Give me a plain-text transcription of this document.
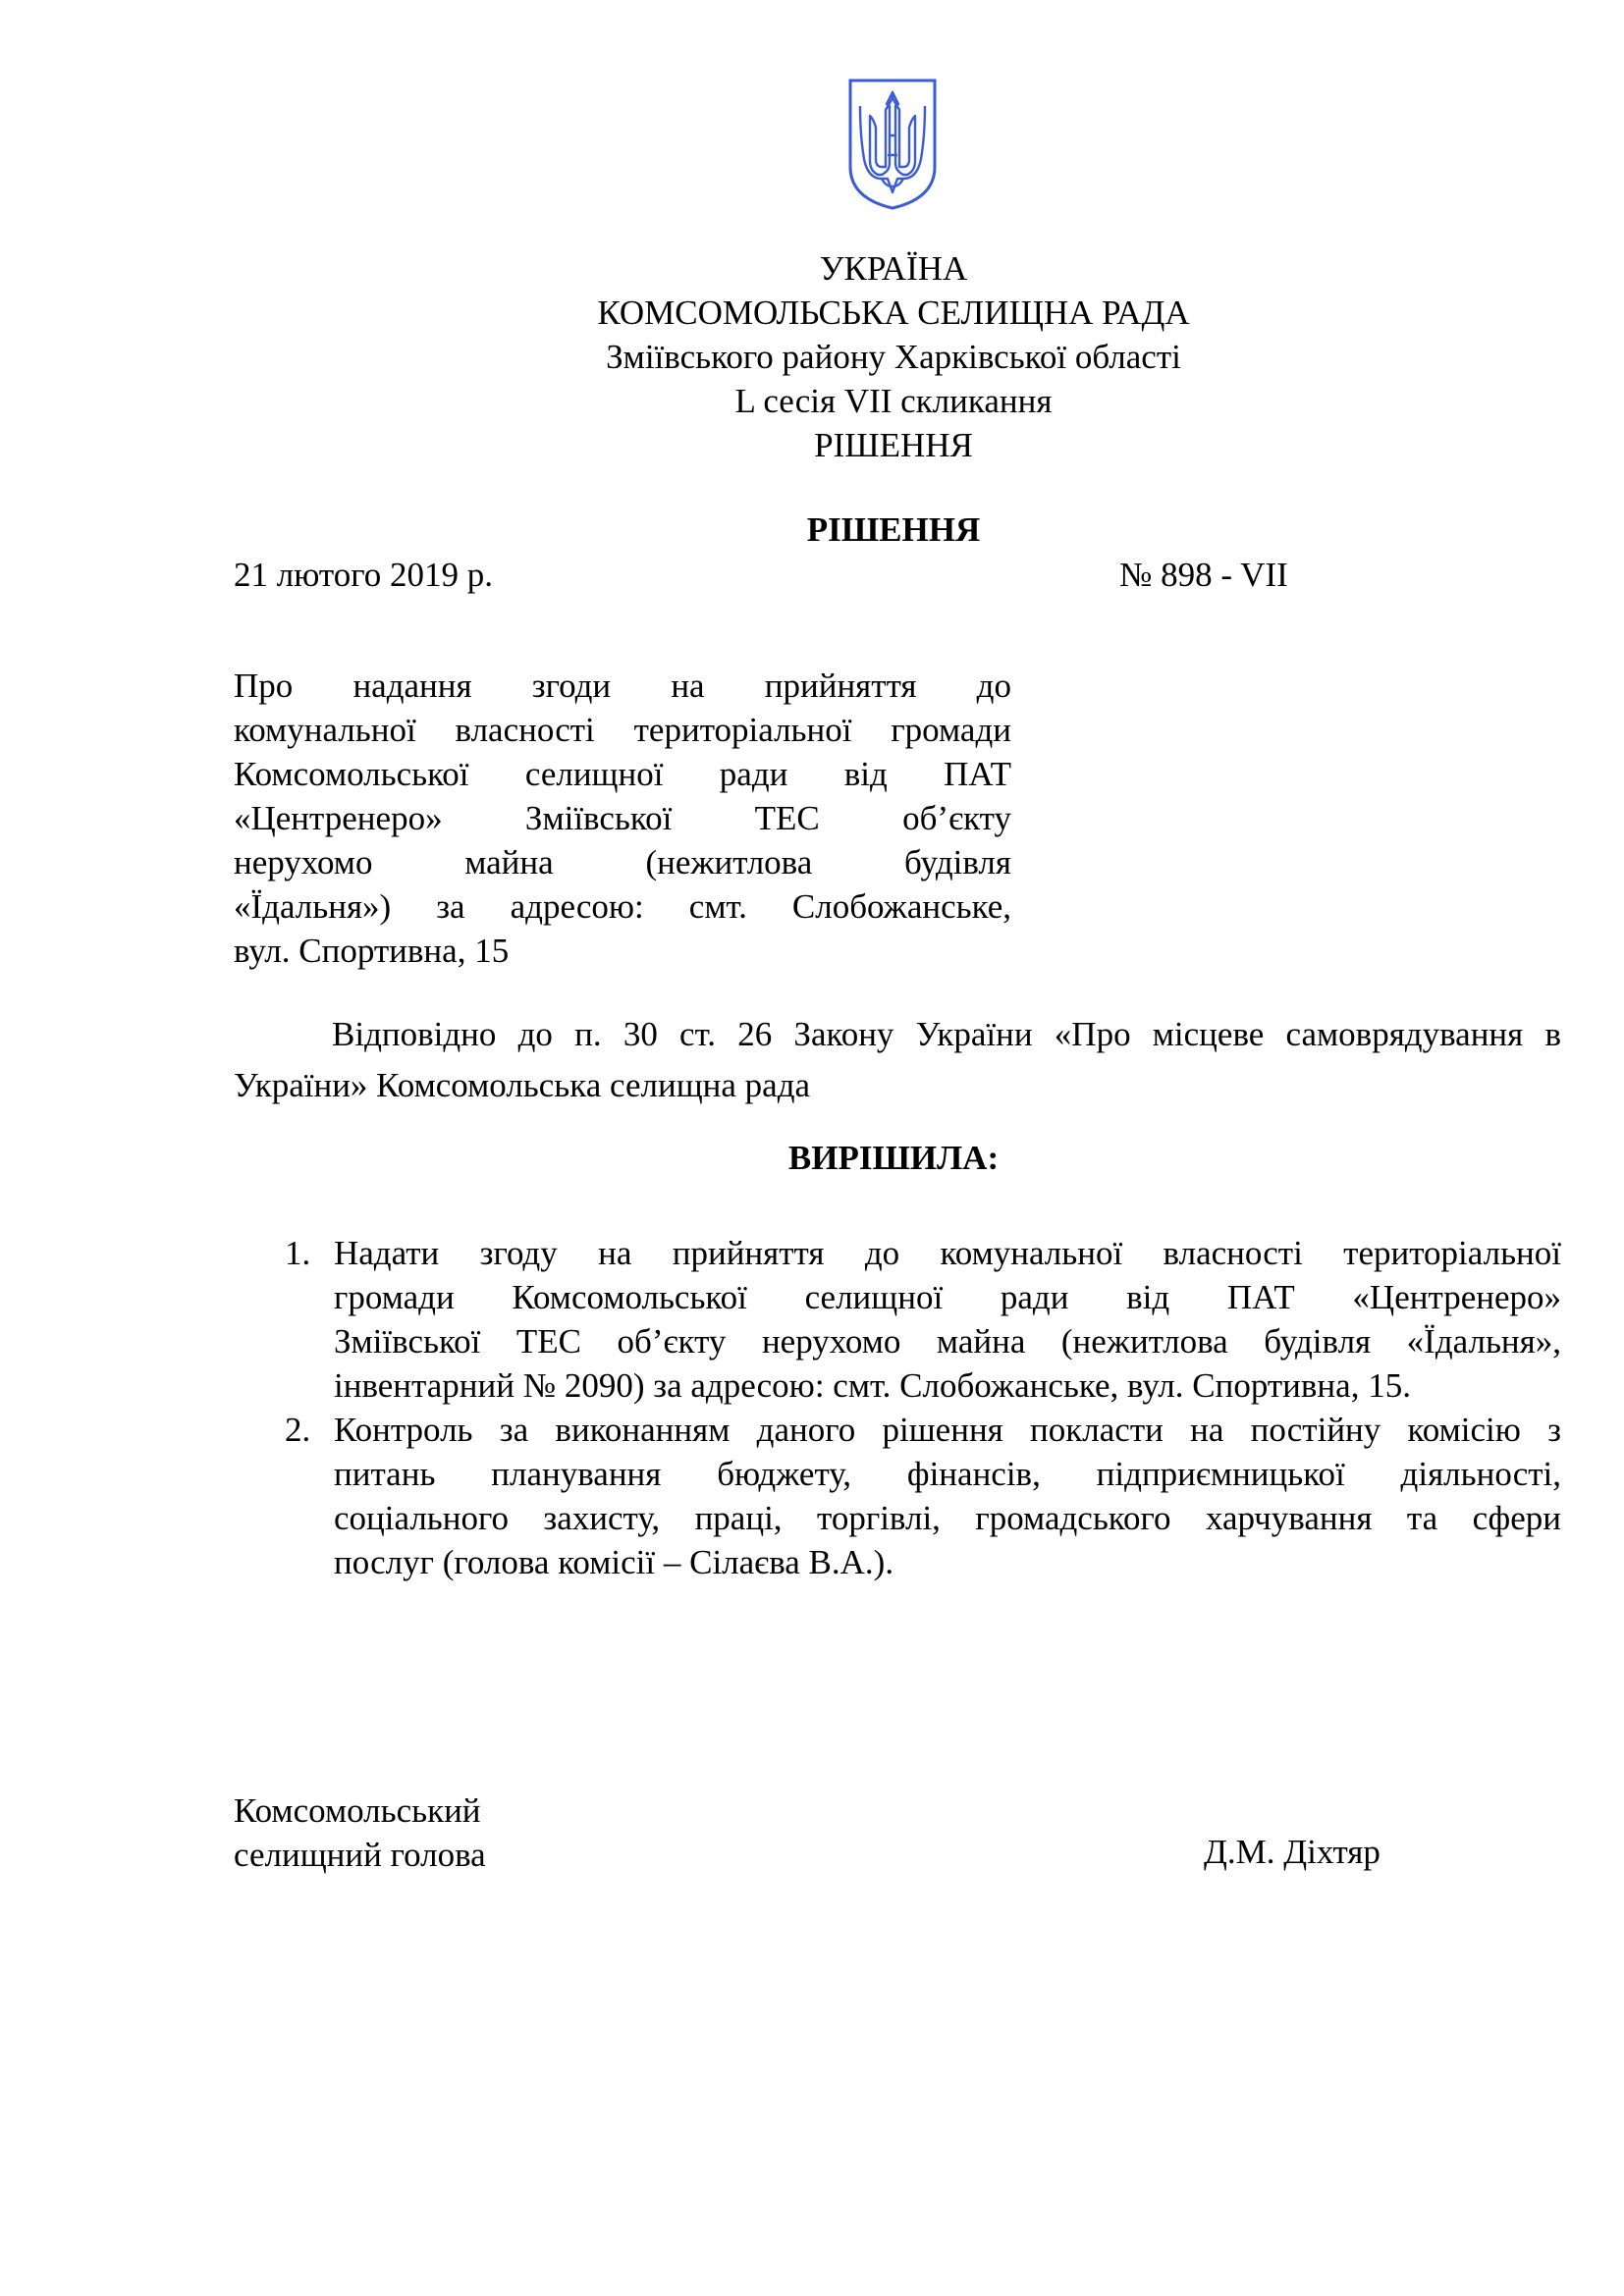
УКРАЇНА
КОМСОМОЛЬСЬКА СЕЛИЩНА РАДА
Зміївського району Харківської області
L сесія VII скликання
РІШЕННЯ
РІШЕННЯ
21 лютого 2019 р.	№ 898 - VII
Про надання згоди на прийняття до
комунальної власності територіальної громади
Комсомольської селищної ради від ПАТ
«Центренеро» Зміївської ТЕС об’єкту
нерухомо майна (нежитлова будівля
«Їдальня») за адресою: смт. Слобожанське,
вул. Спортивна, 15
Відповідно до п. 30 ст. 26 Закону України «Про місцеве самоврядування в
України» Комсомольська селищна рада
ВИРІШИЛА:
1. Надати згоду на прийняття до комунальної власності територіальної
громади Комсомольської селищної ради від ПАТ «Центренеро»
Зміївської ТЕС об’єкту нерухомо майна (нежитлова будівля «Їдальня»,
інвентарний № 2090) за адресою: смт. Слобожанське, вул. Спортивна, 15.
2. Контроль за виконанням даного рішення покласти на постійну комісію з
питань планування бюджету, фінансів, підприємницької діяльності,
соціального захисту, праці, торгівлі, громадського харчування та сфери
послуг (голова комісії – Сілаєва В.А.).
Комсомольський
селищний голова	Д.М. Діхтяр
